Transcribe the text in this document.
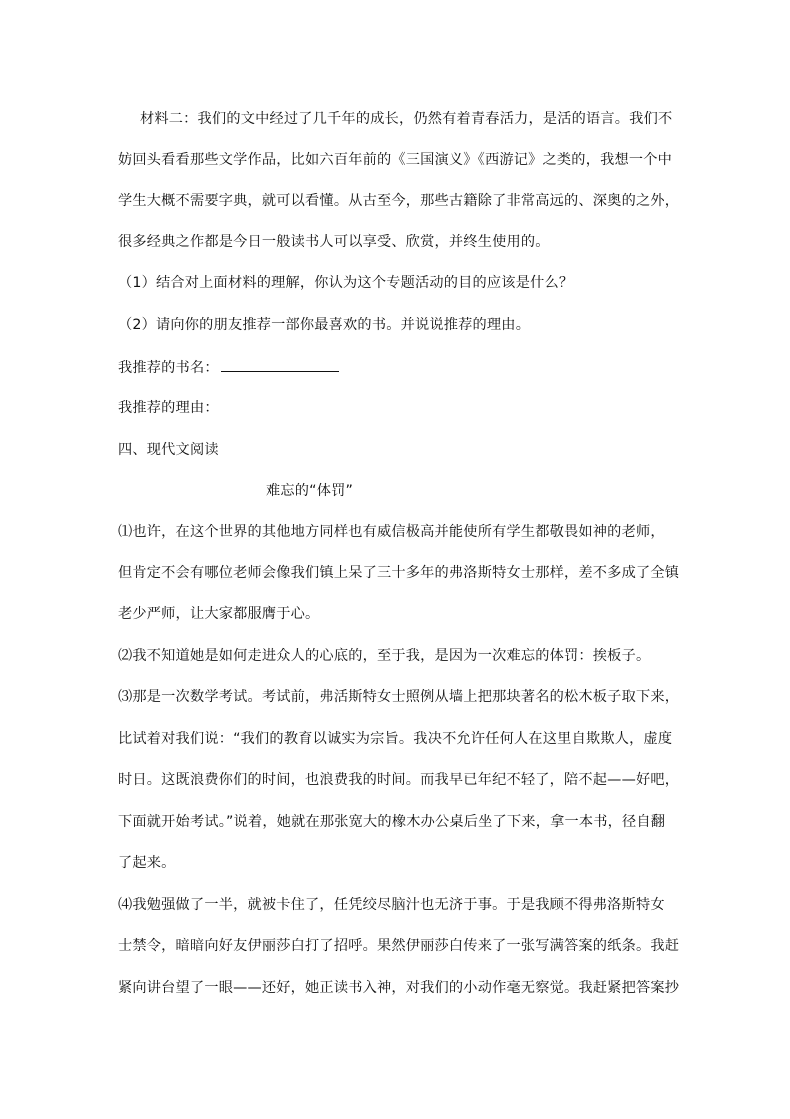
材料二：我们的文中经过了几千年的成长，仍然有着青春活力，是活的语言。我们不
妨回头看看那些文学作品，比如六百年前的《三国演义》《西游记》之类的，我想一个中
学生大概不需要字典，就可以看懂。从古至今，那些古籍除了非常高远的、深奥的之外，
很多经典之作都是今日一般读书人可以享受、欣赏，并终生使用的。
（1）结合对上面材料的理解，你认为这个专题活动的目的应该是什么？
（2）请向你的朋友推荐一部你最喜欢的书。并说说推荐的理由。
我推荐的书名：
我推荐的理由：
四、现代文阅读
难忘的“体罚”
⑴也许，在这个世界的其他地方同样也有威信极高并能使所有学生都敬畏如神的老师，
但肯定不会有哪位老师会像我们镇上呆了三十多年的弗洛斯特女士那样，差不多成了全镇
老少严师，让大家都服膺于心。
⑵我不知道她是如何走进众人的心底的，至于我，是因为一次难忘的体罚：挨板子。
⑶那是一次数学考试。考试前，弗活斯特女士照例从墙上把那块著名的松木板子取下来，
比试着对我们说：“我们的教育以诚实为宗旨。我决不允许任何人在这里自欺欺人，虚度
时日。这既浪费你们的时间，也浪费我的时间。而我早已年纪不轻了，陪不起——好吧，
下面就开始考试。”说着，她就在那张宽大的橡木办公桌后坐了下来，拿一本书，径自翻
了起来。
⑷我勉强做了一半，就被卡住了，任凭绞尽脑汁也无济于事。于是我顾不得弗洛斯特女
士禁令，暗暗向好友伊丽莎白打了招呼。果然伊丽莎白传来了一张写满答案的纸条。我赶
紧向讲台望了一眼——还好，她正读书入神，对我们的小动作毫无察觉。我赶紧把答案抄
